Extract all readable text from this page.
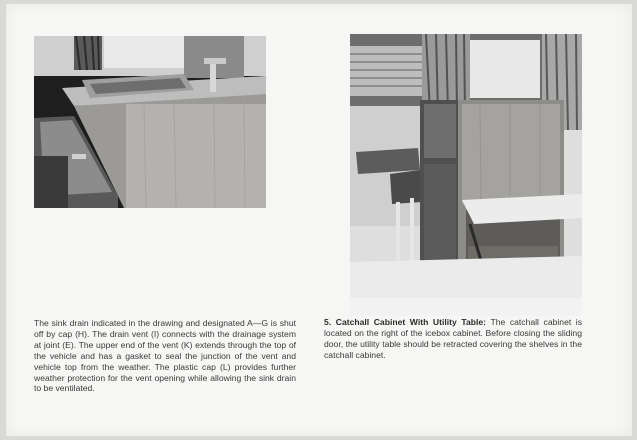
The sink drain indicated in the drawing and designated A—G is shut off by cap (H). The drain vent (I) connects with the drainage system at joint (E). The upper end of the vent (K) extends through the top of the vehicle and has a gasket to seal the junction of the vent and vehicle top from the weather. The plastic cap (L) provides further weather protection for the vent opening while allowing the sink drain to be ventilated.

5. Catchall Cabinet With Utility Table: The catchall cabinet is located on the right of the icebox cabinet. Before closing the sliding door, the utility table should be retracted covering the shelves in the catchall cabinet.
